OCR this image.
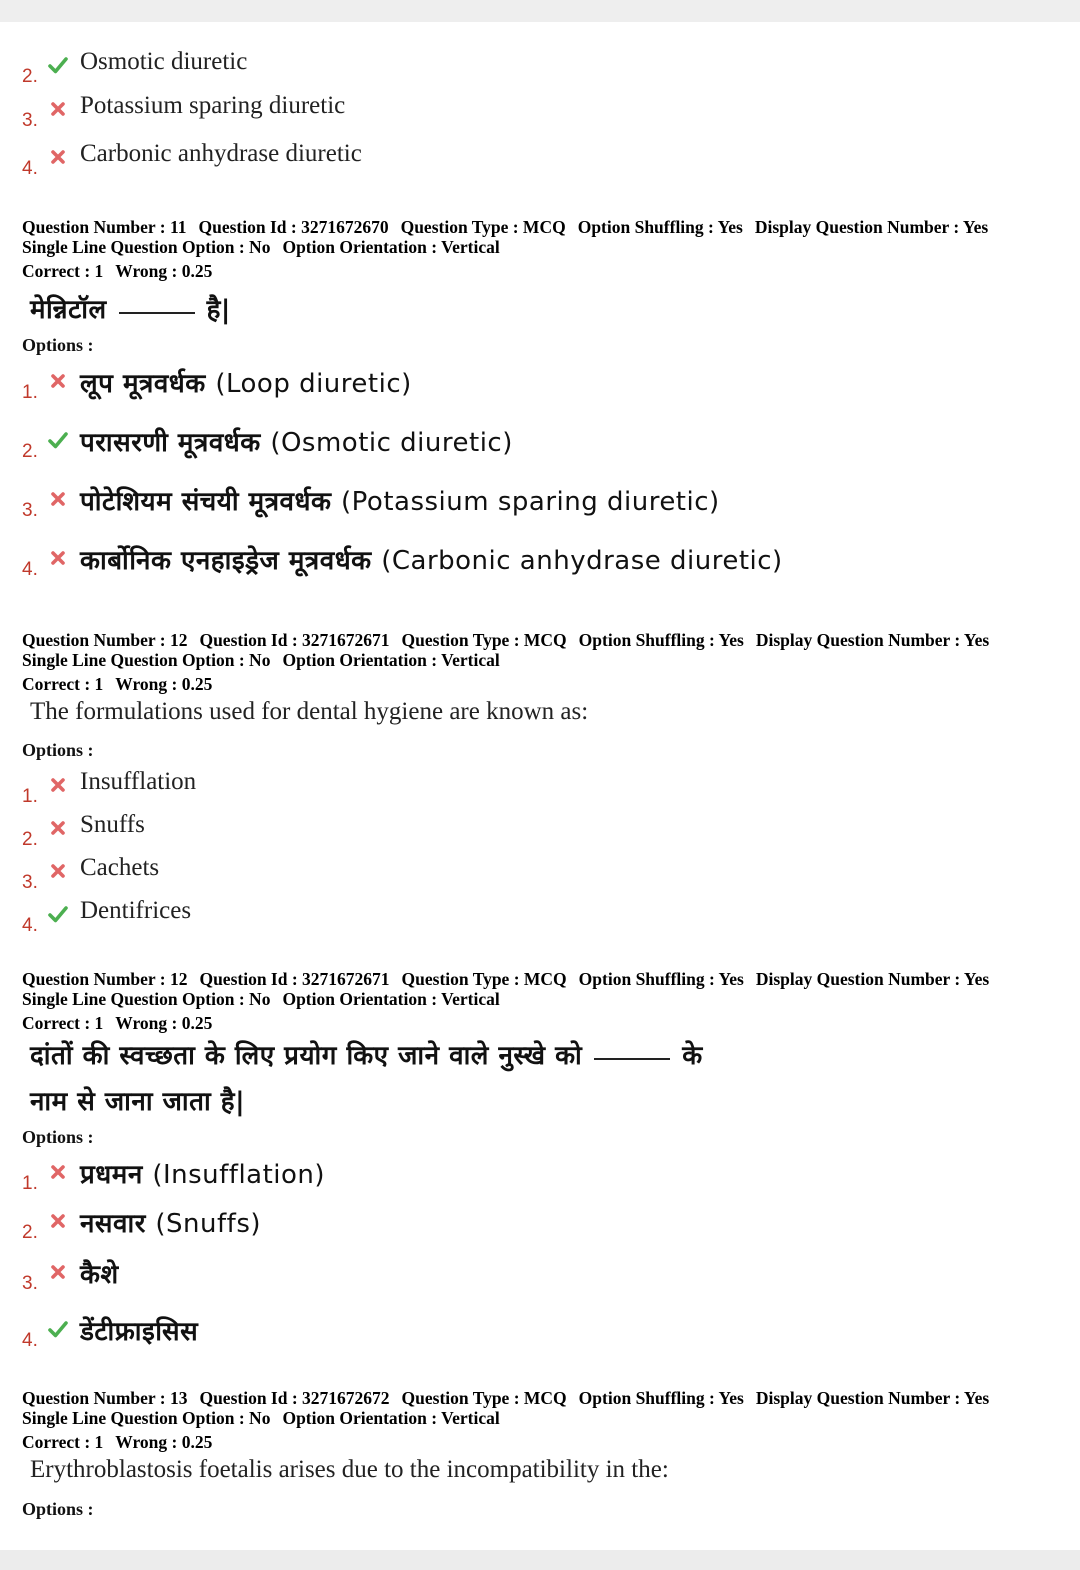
2.
Osmotic diuretic
3.
Potassium sparing diuretic
4.
Carbonic anhydrase diuretic
Question Number : 11 Question Id : 3271672670 Question Type : MCQ Option Shuffling : Yes Display Question Number : Yes
Single Line Question Option : No Option Orientation : Vertical
Correct : 1 Wrong : 0.25
मेन्निटॉल	है|
Options :
1. लूप मूत्रवर्धक (Loop diuretic)
2. परासरणी मूत्रवर्धक (Osmotic diuretic)
3. पोटेशियम संचयी मूत्रवर्धक (Potassium sparing diuretic)
4. कार्बोनिक एनहाइड्रेज मूत्रवर्धक (Carbonic anhydrase diuretic)
Question Number : 12 Question Id : 3271672671 Question Type : MCQ Option Shuffling : Yes Display Question Number : Yes
Single Line Question Option : No Option Orientation : Vertical
Correct : 1 Wrong : 0.25
The formulations used for dental hygiene are known as:
Options :
1.
Insufflation
2.
Snuffs
3.
Cachets
4.
Dentifrices
Question Number : 12 Question Id : 3271672671 Question Type : MCQ Option Shuffling : Yes Display Question Number : Yes
Single Line Question Option : No Option Orientation : Vertical
Correct : 1 Wrong : 0.25
दांतों की स्वच्छता के लिए प्रयोग किए जाने वाले नुस्खे को	के
नाम से जाना जाता है|
Options :
1. प्रधमन (Insufflation)
2. नसवार (Snuffs)
3. कैशे
4. डेंटीफ्राइसिस
Question Number : 13 Question Id : 3271672672 Question Type : MCQ Option Shuffling : Yes Display Question Number : Yes
Single Line Question Option : No Option Orientation : Vertical
Correct : 1 Wrong : 0.25
Erythroblastosis foetalis arises due to the incompatibility in the:
Options :
